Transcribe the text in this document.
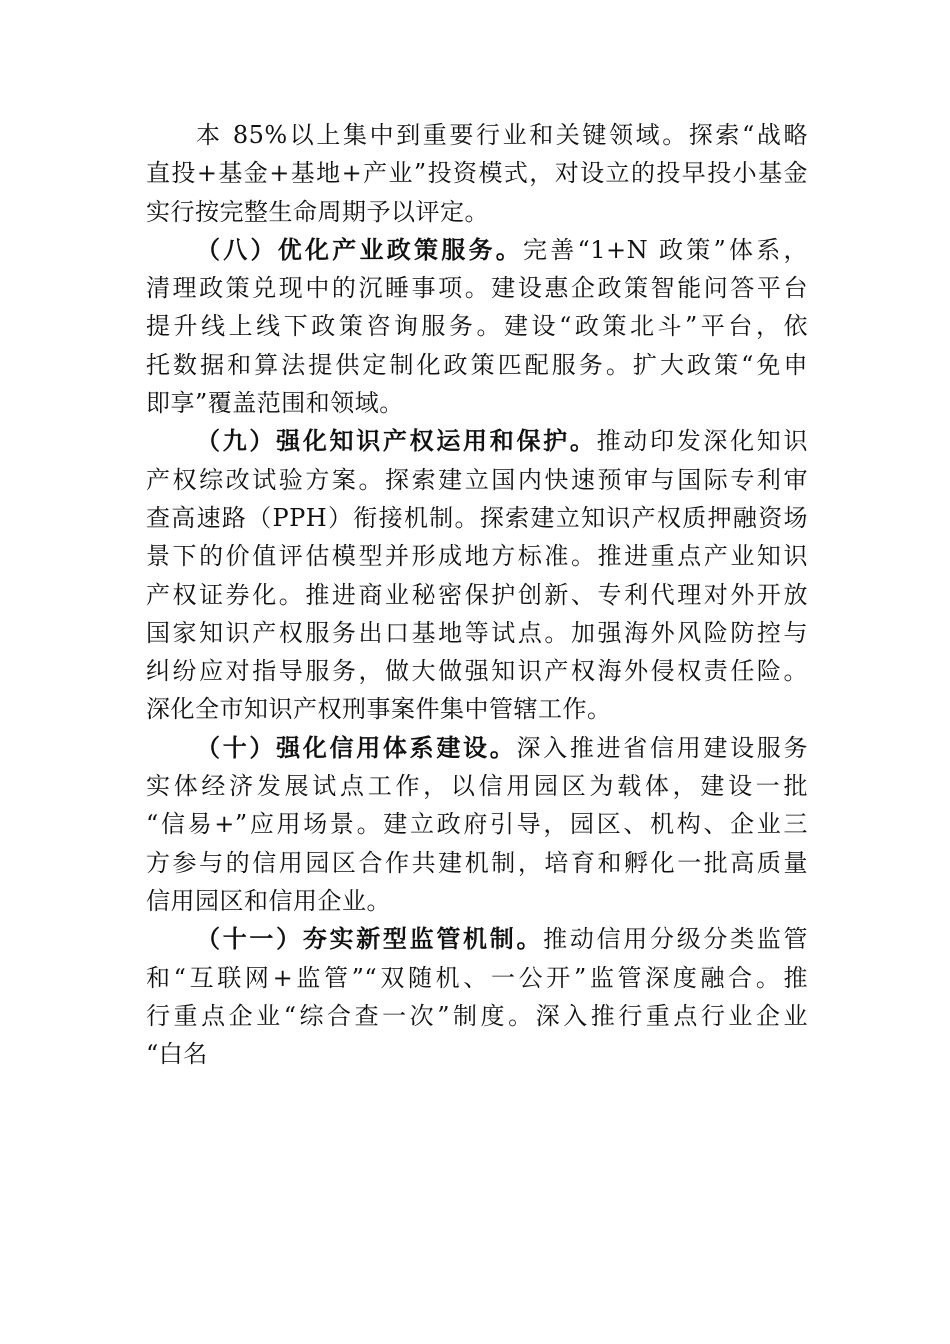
本 85%以上集中到重要行业和关键领域。探索“战略
直投+基金+基地+产业”投资模式，对设立的投早投小基金
实行按完整生命周期予以评定。
（八）优化产业政策服务。完善“1+N 政策”体系，
清理政策兑现中的沉睡事项。建设惠企政策智能问答平台
提升线上线下政策咨询服务。建设“政策北斗”平台，依
托数据和算法提供定制化政策匹配服务。扩大政策“免申
即享”覆盖范围和领域。
（九）强化知识产权运用和保护。推动印发深化知识
产权综改试验方案。探索建立国内快速预审与国际专利审
查高速路（PPH）衔接机制。探索建立知识产权质押融资场
景下的价值评估模型并形成地方标准。推进重点产业知识
产权证券化。推进商业秘密保护创新、专利代理对外开放
国家知识产权服务出口基地等试点。加强海外风险防控与
纠纷应对指导服务，做大做强知识产权海外侵权责任险。
深化全市知识产权刑事案件集中管辖工作。
（十）强化信用体系建设。深入推进省信用建设服务
实体经济发展试点工作，以信用园区为载体，建设一批
“信易+”应用场景。建立政府引导，园区、机构、企业三
方参与的信用园区合作共建机制，培育和孵化一批高质量
信用园区和信用企业。
（十一）夯实新型监管机制。推动信用分级分类监管
和“互联网+监管”“双随机、一公开”监管深度融合。推
行重点企业“综合查一次”制度。深入推行重点行业企业
“白名
